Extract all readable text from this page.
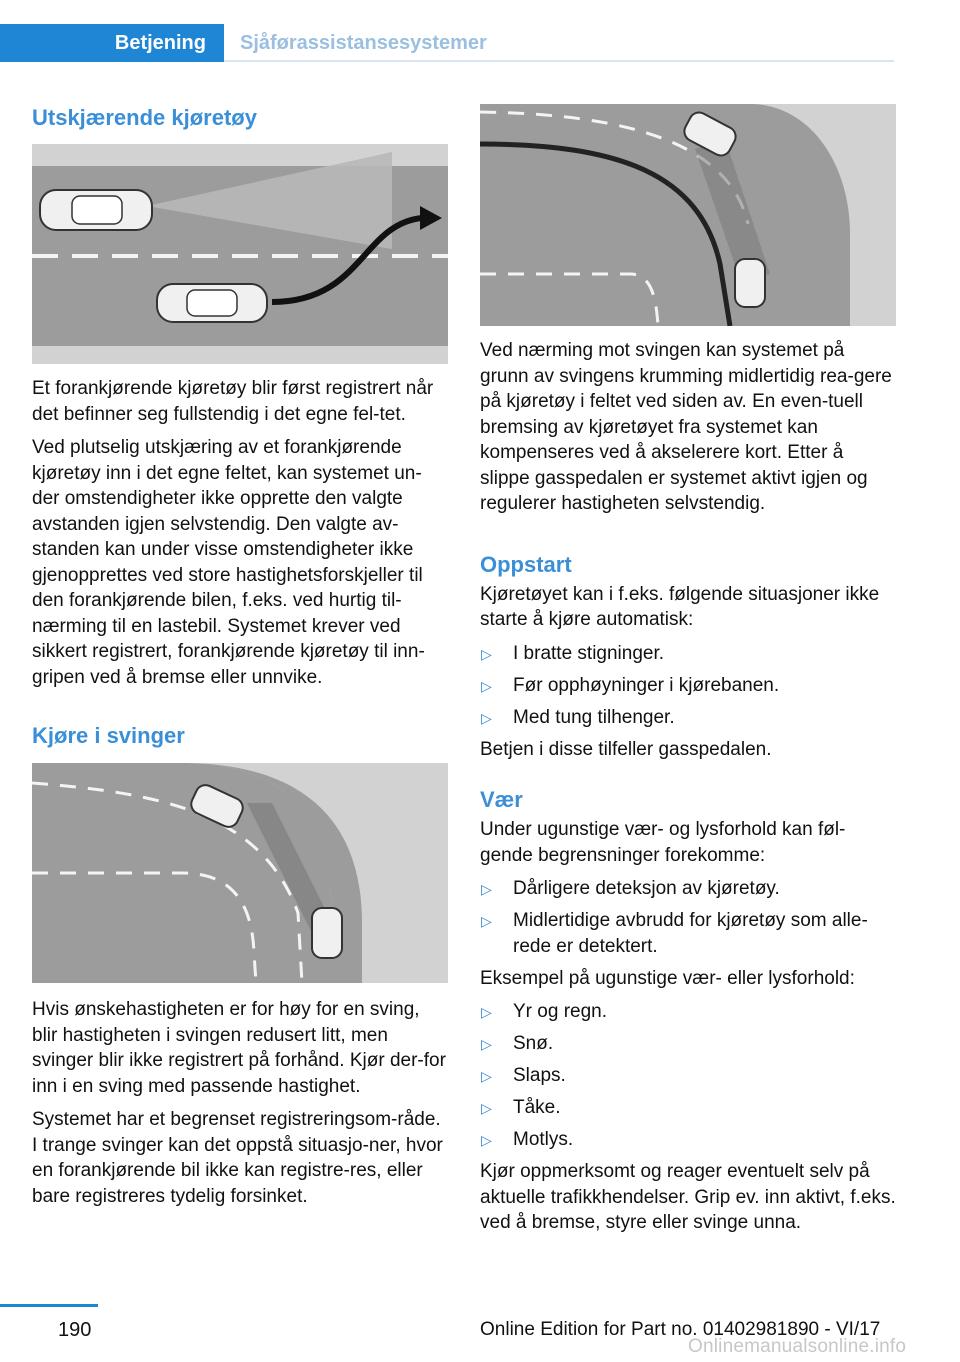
Betjening	Sjåførassistansesystemer
Utskjærende kjøretøy

Et forankjørende kjøretøy blir først registrert når det befinner seg fullstendig i det egne fel-tet.

Ved plutselig utskjæring av et forankjørende kjøretøy inn i det egne feltet, kan systemet un-der omstendigheter ikke opprette den valgte avstanden igjen selvstendig. Den valgte av-standen kan under visse omstendigheter ikke gjenopprettes ved store hastighetsforskjeller til den forankjørende bilen, f.eks. ved hurtig til-nærming til en lastebil. Systemet krever ved sikkert registrert, forankjørende kjøretøy til inn-gripen ved å bremse eller unnvike.

Kjøre i svinger

Hvis ønskehastigheten er for høy for en sving, blir hastigheten i svingen redusert litt, men svinger blir ikke registrert på forhånd. Kjør der-for inn i en sving med passende hastighet.

Systemet har et begrenset registreringsom-råde. I trange svinger kan det oppstå situasjo-ner, hvor en forankjørende bil ikke kan registre-res, eller bare registreres tydelig forsinket.

Ved nærming mot svingen kan systemet på grunn av svingens krumming midlertidig rea-gere på kjøretøy i feltet ved siden av. En even-tuell bremsing av kjøretøyet fra systemet kan kompenseres ved å akselerere kort. Etter å slippe gasspedalen er systemet aktivt igjen og regulerer hastigheten selvstendig.

Oppstart

Kjøretøyet kan i f.eks. følgende situasjoner ikke starte å kjøre automatisk:

▷ I bratte stigninger.
▷ Før opphøyninger i kjørebanen.
▷ Med tung tilhenger.

Betjen i disse tilfeller gasspedalen.

Vær

Under ugunstige vær- og lysforhold kan føl-gende begrensninger forekomme:

▷ Dårligere deteksjon av kjøretøy.
▷ Midlertidige avbrudd for kjøretøy som alle-rede er detektert.

Eksempel på ugunstige vær- eller lysforhold:

▷ Yr og regn.
▷ Snø.
▷ Slaps.
▷ Tåke.
▷ Motlys.

Kjør oppmerksomt og reager eventuelt selv på aktuelle trafikkhendelser. Grip ev. inn aktivt, f.eks. ved å bremse, styre eller svinge unna.

190	Online Edition for Part no. 01402981890 - VI/17
Onlinemanualsonline.info
